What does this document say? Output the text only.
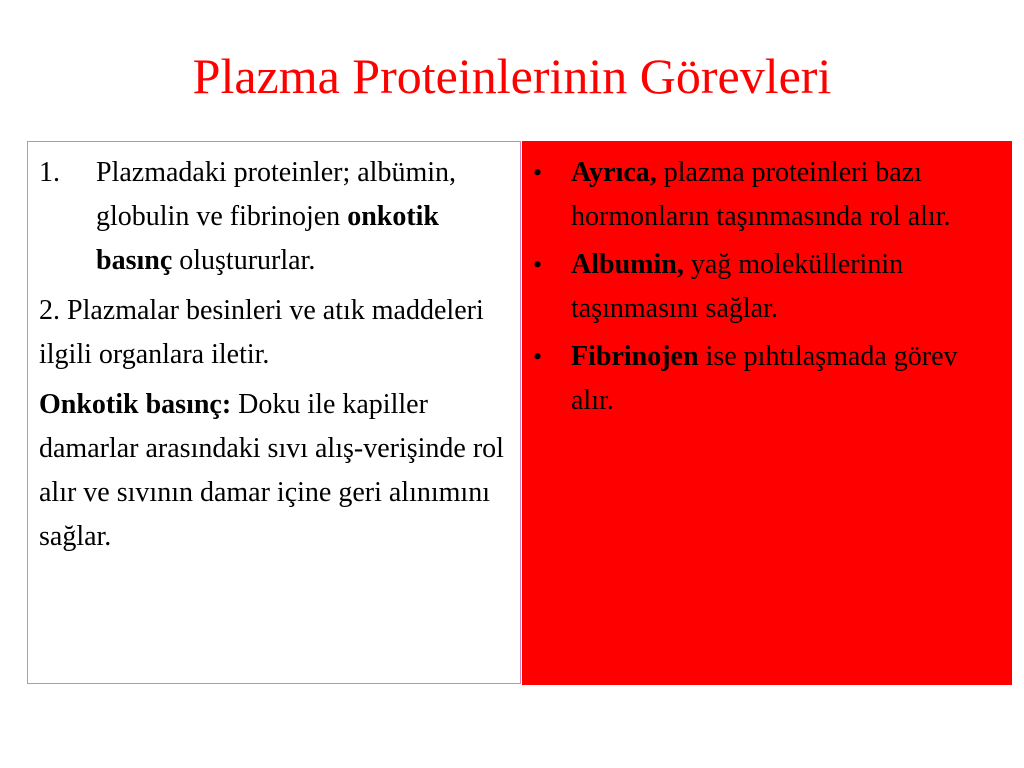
Plazma Proteinlerinin Görevleri
1.	Plazmadaki proteinler; albümin, globulin ve fibrinojen onkotik basınç oluştururlar.

2. Plazmalar besinleri ve atık maddeleri ilgili organlara iletir.

Onkotik basınç: Doku ile kapiller damarlar arasındaki sıvı alış-verişinde rol alır ve sıvının damar içine geri alınımını sağlar.

•	Ayrıca, plazma proteinleri bazı hormonların taşınmasında rol alır.
•	Albumin, yağ moleküllerinin taşınmasını sağlar.
•	Fibrinojen ise pıhtılaşmada görev alır.
